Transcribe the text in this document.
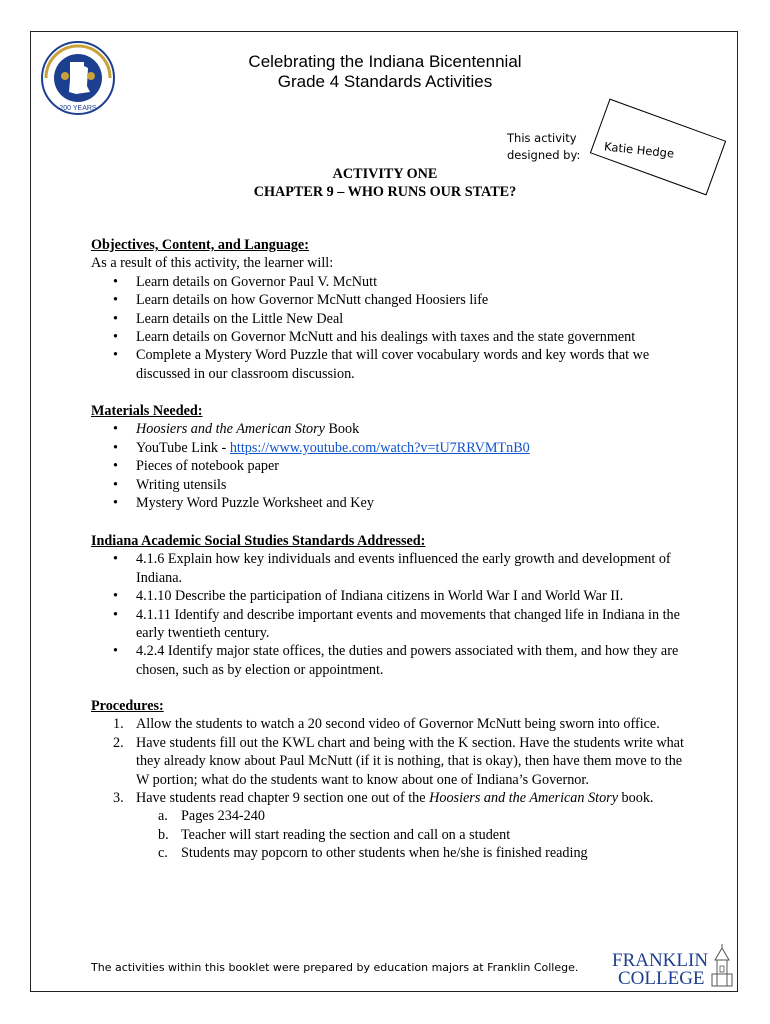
200 YEARS
Celebrating the Indiana Bicentennial
Grade 4 Standards Activities
This activity
designed by: Katie Hedge
ACTIVITY ONE
CHAPTER 9 – WHO RUNS OUR STATE?
Objectives, Content, and Language:
As a result of this activity, the learner will:
• Learn details on Governor Paul V. McNutt
• Learn details on how Governor McNutt changed Hoosiers life
• Learn details on the Little New Deal
• Learn details on Governor McNutt and his dealings with taxes and the state government
• Complete a Mystery Word Puzzle that will cover vocabulary words and key words that we discussed in our classroom discussion.
Materials Needed:
• Hoosiers and the American Story Book
• YouTube Link - https://www.youtube.com/watch?v=tU7RRVMTnB0
• Pieces of notebook paper
• Writing utensils
• Mystery Word Puzzle Worksheet and Key
Indiana Academic Social Studies Standards Addressed:
• 4.1.6 Explain how key individuals and events influenced the early growth and development of Indiana.
• 4.1.10 Describe the participation of Indiana citizens in World War I and World War II.
• 4.1.11 Identify and describe important events and movements that changed life in Indiana in the early twentieth century.
• 4.2.4 Identify major state offices, the duties and powers associated with them, and how they are chosen, such as by election or appointment.
Procedures:
1. Allow the students to watch a 20 second video of Governor McNutt being sworn into office.
2. Have students fill out the KWL chart and being with the K section. Have the students write what they already know about Paul McNutt (if it is nothing, that is okay), then have them move to the W portion; what do the students want to know about one of Indiana’s Governor.
3. Have students read chapter 9 section one out of the Hoosiers and the American Story book.
a. Pages 234-240
b. Teacher will start reading the section and call on a student
c. Students may popcorn to other students when he/she is finished reading
The activities within this booklet were prepared by education majors at Franklin College. FRANKLIN
COLLEGE
